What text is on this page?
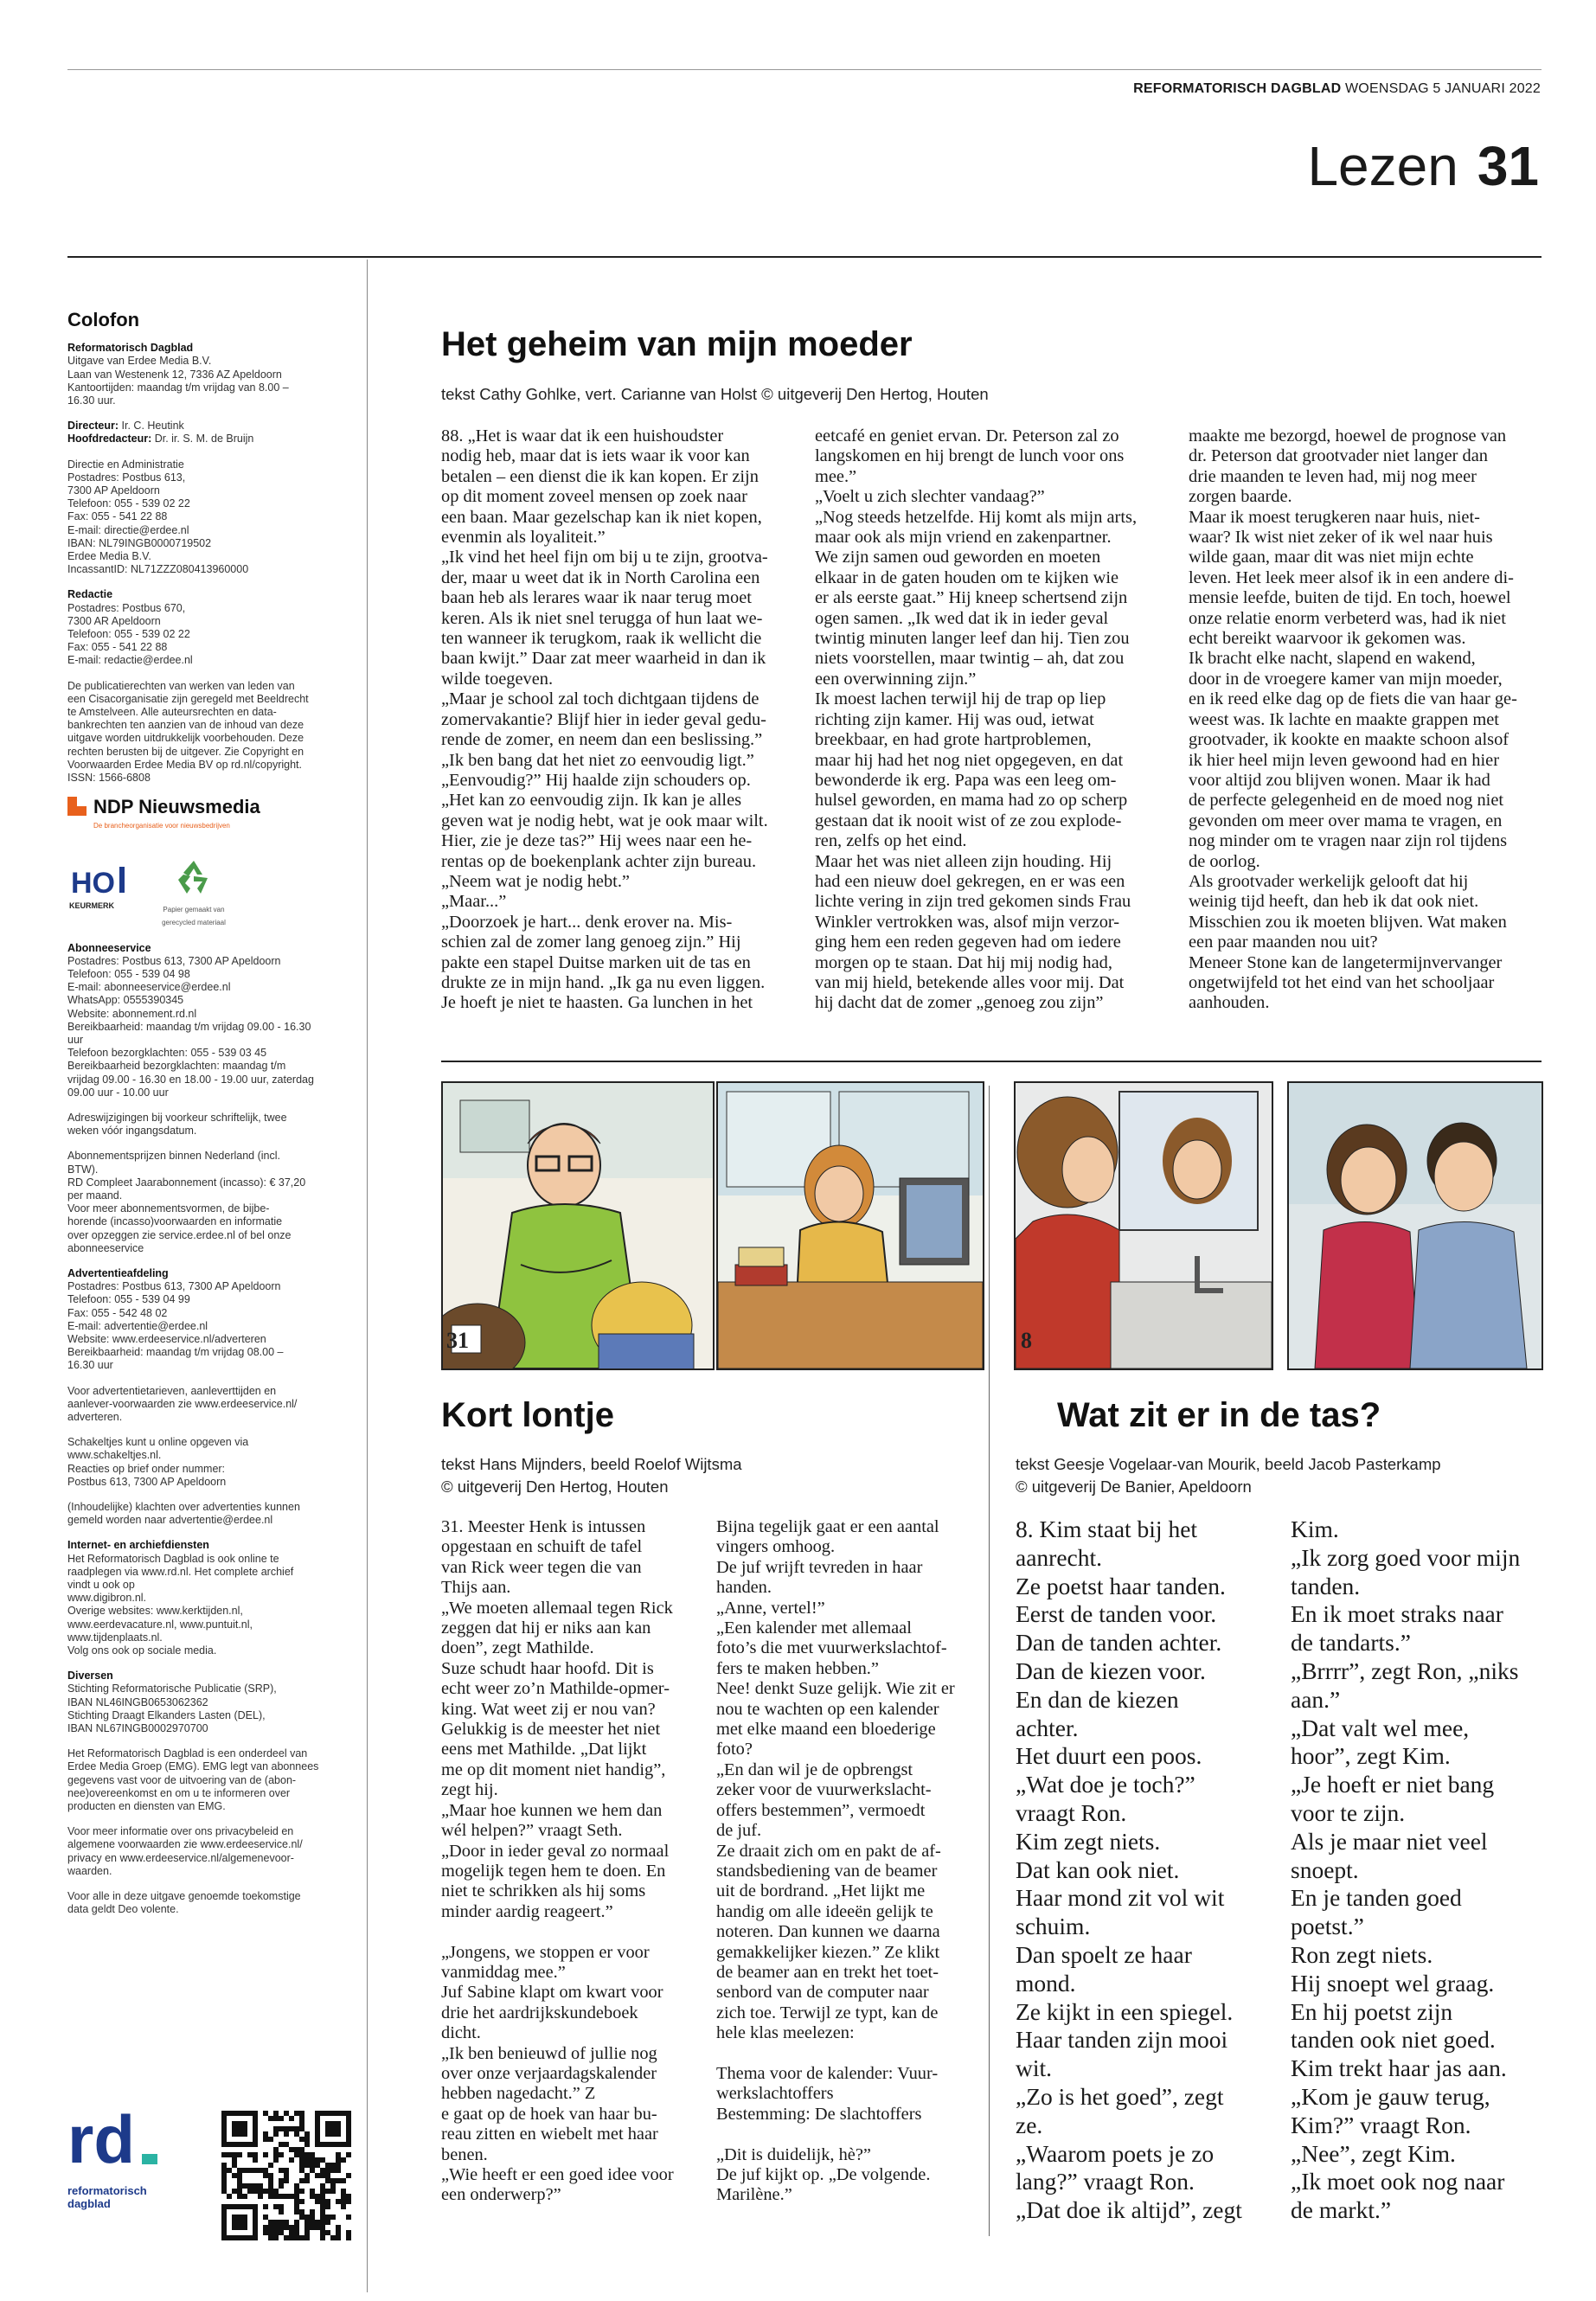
REFORMATORISCH DAGBLAD WOENSDAG 5 JANUARI 2022
Lezen 31
Colofon
Reformatorisch Dagblad
Uitgave van Erdee Media B.V.
Laan van Westenenk 12, 7336 AZ Apeldoorn
Kantoortijden: maandag t/m vrijdag van 8.00 –
16.30 uur.
Directeur: Ir. C. Heutink
Hoofdredacteur: Dr. ir. S. M. de Bruijn
Directie en Administratie
Postadres: Postbus 613,
7300 AP Apeldoorn
Telefoon: 055 - 539 02 22
Fax: 055 - 541 22 88
E-mail: directie@erdee.nl
IBAN: NL79INGB0000719502
Erdee Media B.V.
IncassantID: NL71ZZZ080413960000
Redactie
Postadres: Postbus 670,
7300 AR Apeldoorn
Telefoon: 055 - 539 02 22
Fax: 055 - 541 22 88
E-mail: redactie@erdee.nl
De publicatierechten van werken van leden van
een Cisacorganisatie zijn geregeld met Beeldrecht
te Amstelveen. Alle auteursrechten en data-
bankrechten ten aanzien van de inhoud van deze
uitgave worden uitdrukkelijk voorbehouden. Deze
rechten berusten bij de uitgever. Zie Copyright en
Voorwaarden Erdee Media BV op rd.nl/copyright.
ISSN: 1566-6808
NDP Nieuwsmedia
De brancheorganisatie voor nieuwsbedrijven
HO
KEURMERK	Papier gemaakt van gerecycled materiaal
Abonneeservice
Postadres: Postbus 613, 7300 AP Apeldoorn
Telefoon: 055 - 539 04 98
E-mail: abonneeservice@erdee.nl
WhatsApp: 0555390345
Website: abonnement.rd.nl
Bereikbaarheid: maandag t/m vrijdag 09.00 - 16.30
uur
Telefoon bezorgklachten: 055 - 539 03 45
Bereikbaarheid bezorgklachten: maandag t/m
vrijdag 09.00 - 16.30 en 18.00 - 19.00 uur, zaterdag
09.00 uur - 10.00 uur
Adreswijzigingen bij voorkeur schriftelijk, twee
weken vóór ingangsdatum.
Abonnementsprijzen binnen Nederland (incl.
BTW).
RD Compleet Jaarabonnement (incasso): € 37,20
per maand.
Voor meer abonnementsvormen, de bijbe-
horende (incasso)voorwaarden en informatie
over opzeggen zie service.erdee.nl of bel onze
abonneeservice
Advertentieafdeling
Postadres: Postbus 613, 7300 AP Apeldoorn
Telefoon: 055 - 539 04 99
Fax: 055 - 542 48 02
E-mail: advertentie@erdee.nl
Website: www.erdeeservice.nl/adverteren
Bereikbaarheid: maandag t/m vrijdag 08.00 –
16.30 uur
Voor advertentietarieven, aanleverttijden en
aanlever-voorwaarden zie www.erdeeservice.nl/
adverteren.
Schakeltjes kunt u online opgeven via
www.schakeltjes.nl.
Reacties op brief onder nummer:
Postbus 613, 7300 AP Apeldoorn
(Inhoudelijke) klachten over advertenties kunnen
gemeld worden naar advertentie@erdee.nl
Internet- en archiefdiensten
Het Reformatorisch Dagblad is ook online te
raadplegen via www.rd.nl. Het complete archief
vindt u ook op
www.digibron.nl.
Overige websites: www.kerktijden.nl,
www.eerdevacature.nl, www.puntuit.nl,
www.tijdenplaats.nl.
Volg ons ook op sociale media.
Diversen
Stichting Reformatorische Publicatie (SRP),
IBAN NL46INGB0653062362
Stichting Draagt Elkanders Lasten (DEL),
IBAN NL67INGB0002970700
Het Reformatorisch Dagblad is een onderdeel van
Erdee Media Groep (EMG). EMG legt van abonnees
gegevens vast voor de uitvoering van de (abon-
nee)overeenkomst en om u te informeren over
producten en diensten van EMG.
Voor meer informatie over ons privacybeleid en
algemene voorwaarden zie www.erdeeservice.nl/
privacy en www.erdeeservice.nl/algemenevoor-
waarden.
Voor alle in deze uitgave genoemde toekomstige
data geldt Deo volente.
rd
reformatorisch
dagblad
Het geheim van mijn moeder
tekst Cathy Gohlke, vert. Carianne van Holst © uitgeverij Den Hertog, Houten

88. „Het is waar dat ik een huishoudster

nodig heb, maar dat is iets waar ik voor kan

betalen – een dienst die ik kan kopen. Er zijn

op dit moment zoveel mensen op zoek naar

een baan. Maar gezelschap kan ik niet kopen,

evenmin als loyaliteit.”

„Ik vind het heel fijn om bij u te zijn, grootva-

der, maar u weet dat ik in North Carolina een

baan heb als lerares waar ik naar terug moet

keren. Als ik niet snel terugga of hun laat we-

ten wanneer ik terugkom, raak ik wellicht die

baan kwijt.” Daar zat meer waarheid in dan ik

wilde toegeven.

„Maar je school zal toch dichtgaan tijdens de

zomervakantie? Blijf hier in ieder geval gedu-

rende de zomer, en neem dan een beslissing.”

„Ik ben bang dat het niet zo eenvoudig ligt.”

„Eenvoudig?” Hij haalde zijn schouders op.

„Het kan zo eenvoudig zijn. Ik kan je alles

geven wat je nodig hebt, wat je ook maar wilt.

Hier, zie je deze tas?” Hij wees naar een he-

rentas op de boekenplank achter zijn bureau.

„Neem wat je nodig hebt.”

„Maar...”

„Doorzoek je hart... denk erover na. Mis-

schien zal de zomer lang genoeg zijn.” Hij

pakte een stapel Duitse marken uit de tas en

drukte ze in mijn hand. „Ik ga nu even liggen.

Je hoeft je niet te haasten. Ga lunchen in het

eetcafé en geniet ervan. Dr. Peterson zal zo

langskomen en hij brengt de lunch voor ons

mee.”

„Voelt u zich slechter vandaag?”

„Nog steeds hetzelfde. Hij komt als mijn arts,

maar ook als mijn vriend en zakenpartner.

We zijn samen oud geworden en moeten

elkaar in de gaten houden om te kijken wie

er als eerste gaat.” Hij kneep schertsend zijn

ogen samen. „Ik wed dat ik in ieder geval

twintig minuten langer leef dan hij. Tien zou

niets voorstellen, maar twintig – ah, dat zou

een overwinning zijn.”

Ik moest lachen terwijl hij de trap op liep

richting zijn kamer. Hij was oud, ietwat

breekbaar, en had grote hartproblemen,

maar hij had het nog niet opgegeven, en dat

bewonderde ik erg. Papa was een leeg om-

hulsel geworden, en mama had zo op scherp

gestaan dat ik nooit wist of ze zou explode-

ren, zelfs op het eind.

Maar het was niet alleen zijn houding. Hij

had een nieuw doel gekregen, en er was een

lichte vering in zijn tred gekomen sinds Frau

Winkler vertrokken was, alsof mijn verzor-

ging hem een reden gegeven had om iedere

morgen op te staan. Dat hij mij nodig had,

van mij hield, betekende alles voor mij. Dat

hij dacht dat de zomer „genoeg zou zijn”

maakte me bezorgd, hoewel de prognose van

dr. Peterson dat grootvader niet langer dan

drie maanden te leven had, mij nog meer

zorgen baarde.

Maar ik moest terugkeren naar huis, niet-

waar? Ik wist niet zeker of ik wel naar huis

wilde gaan, maar dit was niet mijn echte

leven. Het leek meer alsof ik in een andere di-

mensie leefde, buiten de tijd. En toch, hoewel

onze relatie enorm verbeterd was, had ik niet

echt bereikt waarvoor ik gekomen was.

Ik bracht elke nacht, slapend en wakend,

door in de vroegere kamer van mijn moeder,

en ik reed elke dag op de fiets die van haar ge-

weest was. Ik lachte en maakte grappen met

grootvader, ik kookte en maakte schoon alsof

ik hier heel mijn leven gewoond had en hier

voor altijd zou blijven wonen. Maar ik had

de perfecte gelegenheid en de moed nog niet

gevonden om meer over mama te vragen, en

nog minder om te vragen naar zijn rol tijdens

de oorlog.

Als grootvader werkelijk gelooft dat hij

weinig tijd heeft, dan heb ik dat ook niet.

Misschien zou ik moeten blijven. Wat maken

een paar maanden nou uit?

Meneer Stone kan de langetermijnvervanger

ongetwijfeld tot het eind van het schooljaar

aanhouden.

31	8
Kort lontje
tekst Hans Mijnders, beeld Roelof Wijtsma
© uitgeverij Den Hertog, Houten

31. Meester Henk is intussen

opgestaan en schuift de tafel

van Rick weer tegen die van

Thijs aan.

„We moeten allemaal tegen Rick

zeggen dat hij er niks aan kan

doen”, zegt Mathilde.

Suze schudt haar hoofd. Dit is

echt weer zo’n Mathilde-opmer-

king. Wat weet zij er nou van?

Gelukkig is de meester het niet

eens met Mathilde. „Dat lijkt

me op dit moment niet handig”,

zegt hij.

„Maar hoe kunnen we hem dan

wél helpen?” vraagt Seth.

„Door in ieder geval zo normaal

mogelijk tegen hem te doen. En

niet te schrikken als hij soms

minder aardig reageert.”

„Jongens, we stoppen er voor

vanmiddag mee.”

Juf Sabine klapt om kwart voor

drie het aardrijkskundeboek

dicht.

„Ik ben benieuwd of jullie nog

over onze verjaardagskalender

hebben nagedacht.” Z

e gaat op de hoek van haar bu-

reau zitten en wiebelt met haar

benen.

„Wie heeft er een goed idee voor

een onderwerp?”

Bijna tegelijk gaat er een aantal

vingers omhoog.

De juf wrijft tevreden in haar

handen.

„Anne, vertel!”

„Een kalender met allemaal

foto’s die met vuurwerkslachtof-

fers te maken hebben.”

Nee! denkt Suze gelijk. Wie zit er

nou te wachten op een kalender

met elke maand een bloederige

foto?

„En dan wil je de opbrengst

zeker voor de vuurwerkslacht-

offers bestemmen”, vermoedt

de juf.

Ze draait zich om en pakt de af-

standsbediening van de beamer

uit de bordrand. „Het lijkt me

handig om alle ideeën gelijk te

noteren. Dan kunnen we daarna

gemakkelijker kiezen.” Ze klikt

de beamer aan en trekt het toet-

senbord van de computer naar

zich toe. Terwijl ze typt, kan de

hele klas meelezen:

Thema voor de kalender: Vuur-

werkslachtoffers

Bestemming: De slachtoffers

„Dit is duidelijk, hè?”

De juf kijkt op. „De volgende.

Marilène.”

Wat zit er in de tas?
tekst Geesje Vogelaar-van Mourik, beeld Jacob Pasterkamp
© uitgeverij De Banier, Apeldoorn

8. Kim staat bij het

aanrecht.

Ze poetst haar tanden.

Eerst de tanden voor.

Dan de tanden achter.

Dan de kiezen voor.

En dan de kiezen

achter.

Het duurt een poos.

„Wat doe je toch?”

vraagt Ron.

Kim zegt niets.

Dat kan ook niet.

Haar mond zit vol wit

schuim.

Dan spoelt ze haar

mond.

Ze kijkt in een spiegel.

Haar tanden zijn mooi

wit.

„Zo is het goed”, zegt

ze.

„Waarom poets je zo

lang?” vraagt Ron.

„Dat doe ik altijd”, zegt

Kim.

„Ik zorg goed voor mijn

tanden.

En ik moet straks naar

de tandarts.”

„Brrrr”, zegt Ron, „niks

aan.”

„Dat valt wel mee,

hoor”, zegt Kim.

„Je hoeft er niet bang

voor te zijn.

Als je maar niet veel

snoept.

En je tanden goed

poetst.”

Ron zegt niets.

Hij snoept wel graag.

En hij poetst zijn

tanden ook niet goed.

Kim trekt haar jas aan.

„Kom je gauw terug,

Kim?” vraagt Ron.

„Nee”, zegt Kim.

„Ik moet ook nog naar

de markt.”
